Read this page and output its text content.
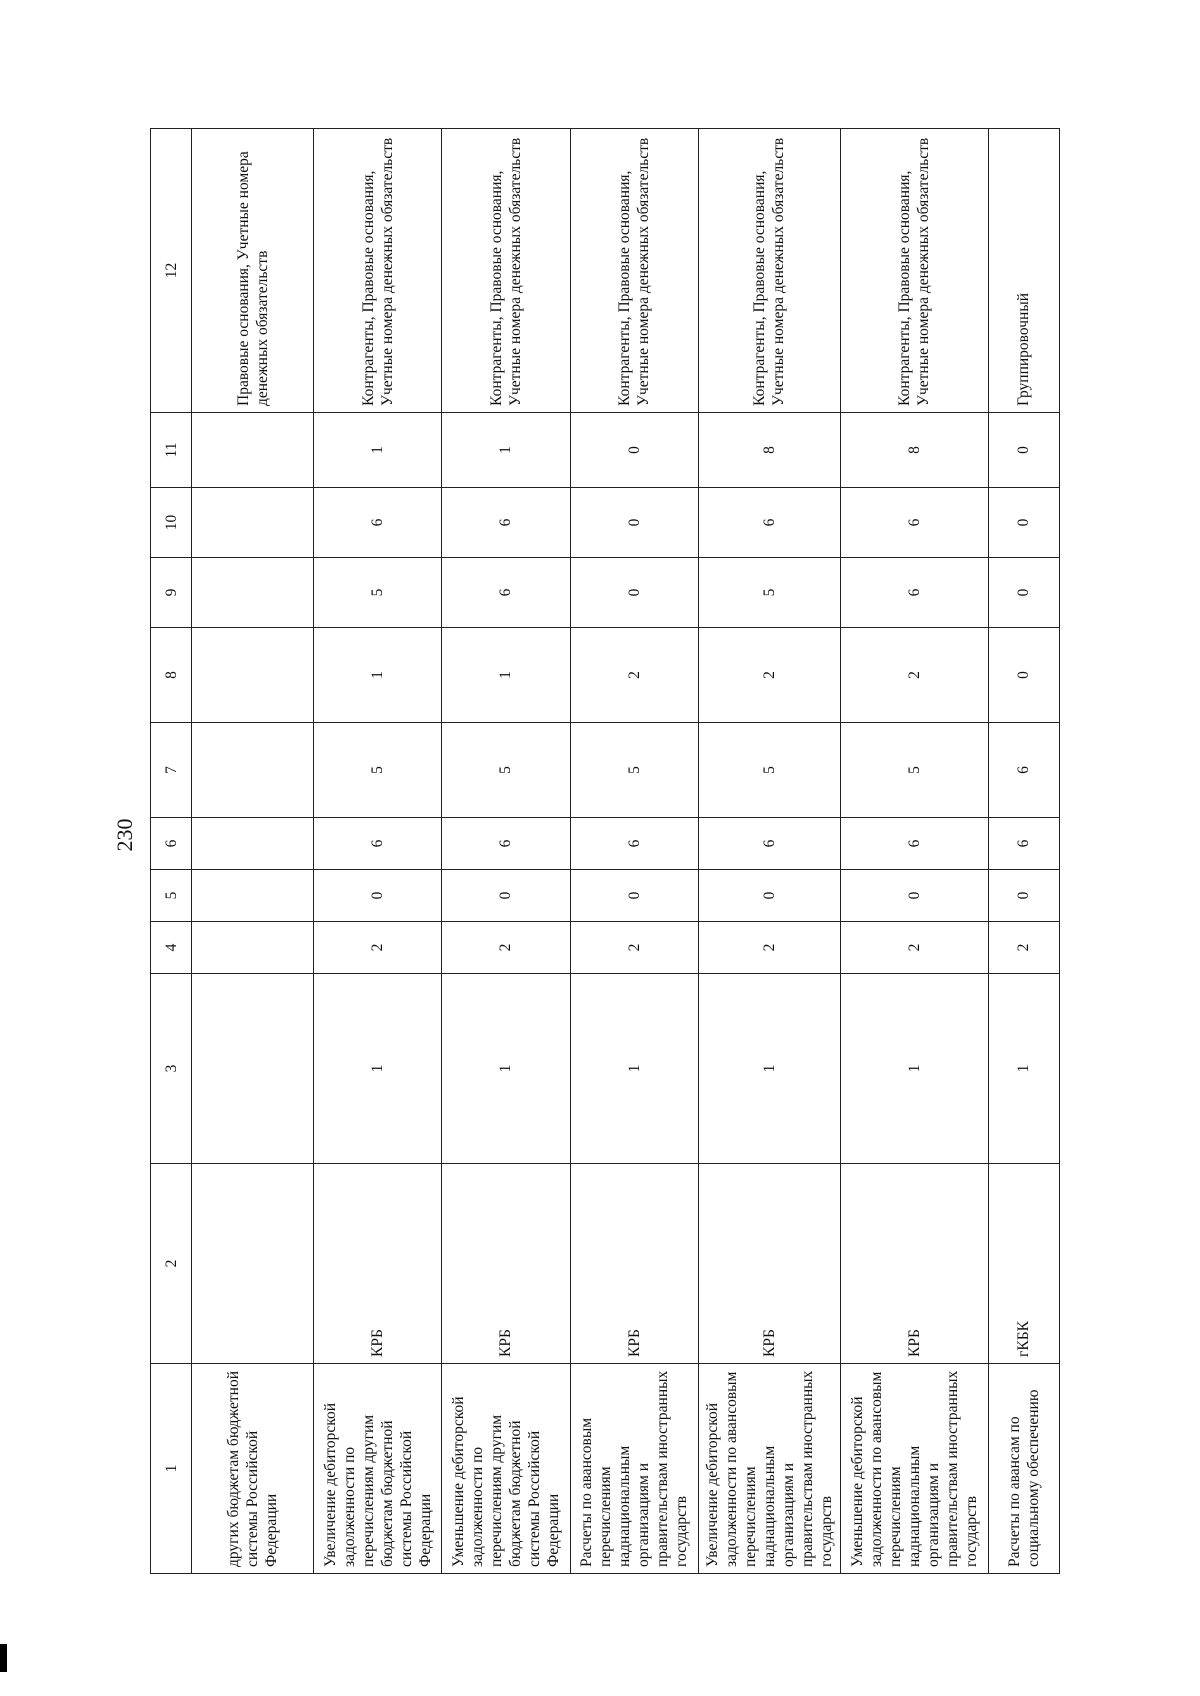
230
1	2	3	4	5	6	7	8	9	10	11	12
других бюджетам бюджетной системы Российской Федерации											Правовые основания, Учетные номера денежных обязательств
Увеличение дебиторской задолженности по перечислениям другим бюджетам бюджетной системы Российской Федерации	КРБ	1	2	0	6	5	1	5	6	1	Контрагенты, Правовые основания, Учетные номера денежных обязательств
Уменьшение дебиторской задолженности по перечислениям другим бюджетам бюджетной системы Российской Федерации	КРБ	1	2	0	6	5	1	6	6	1	Контрагенты, Правовые основания, Учетные номера денежных обязательств
Расчеты по авансовым перечислениям наднациональным организациям и правительствам иностранных государств	КРБ	1	2	0	6	5	2	0	0	0	Контрагенты, Правовые основания, Учетные номера денежных обязательств
Увеличение дебиторской задолженности по авансовым перечислениям наднациональным организациям и правительствам иностранных государств	КРБ	1	2	0	6	5	2	5	6	8	Контрагенты, Правовые основания, Учетные номера денежных обязательств
Уменьшение дебиторской задолженности по авансовым перечислениям наднациональным организациям и правительствам иностранных государств	КРБ	1	2	0	6	5	2	6	6	8	Контрагенты, Правовые основания, Учетные номера денежных обязательств
Расчеты по авансам по социальному обеспечению	гКБК	1	2	0	6	6	0	0	0	0	Группировочный
